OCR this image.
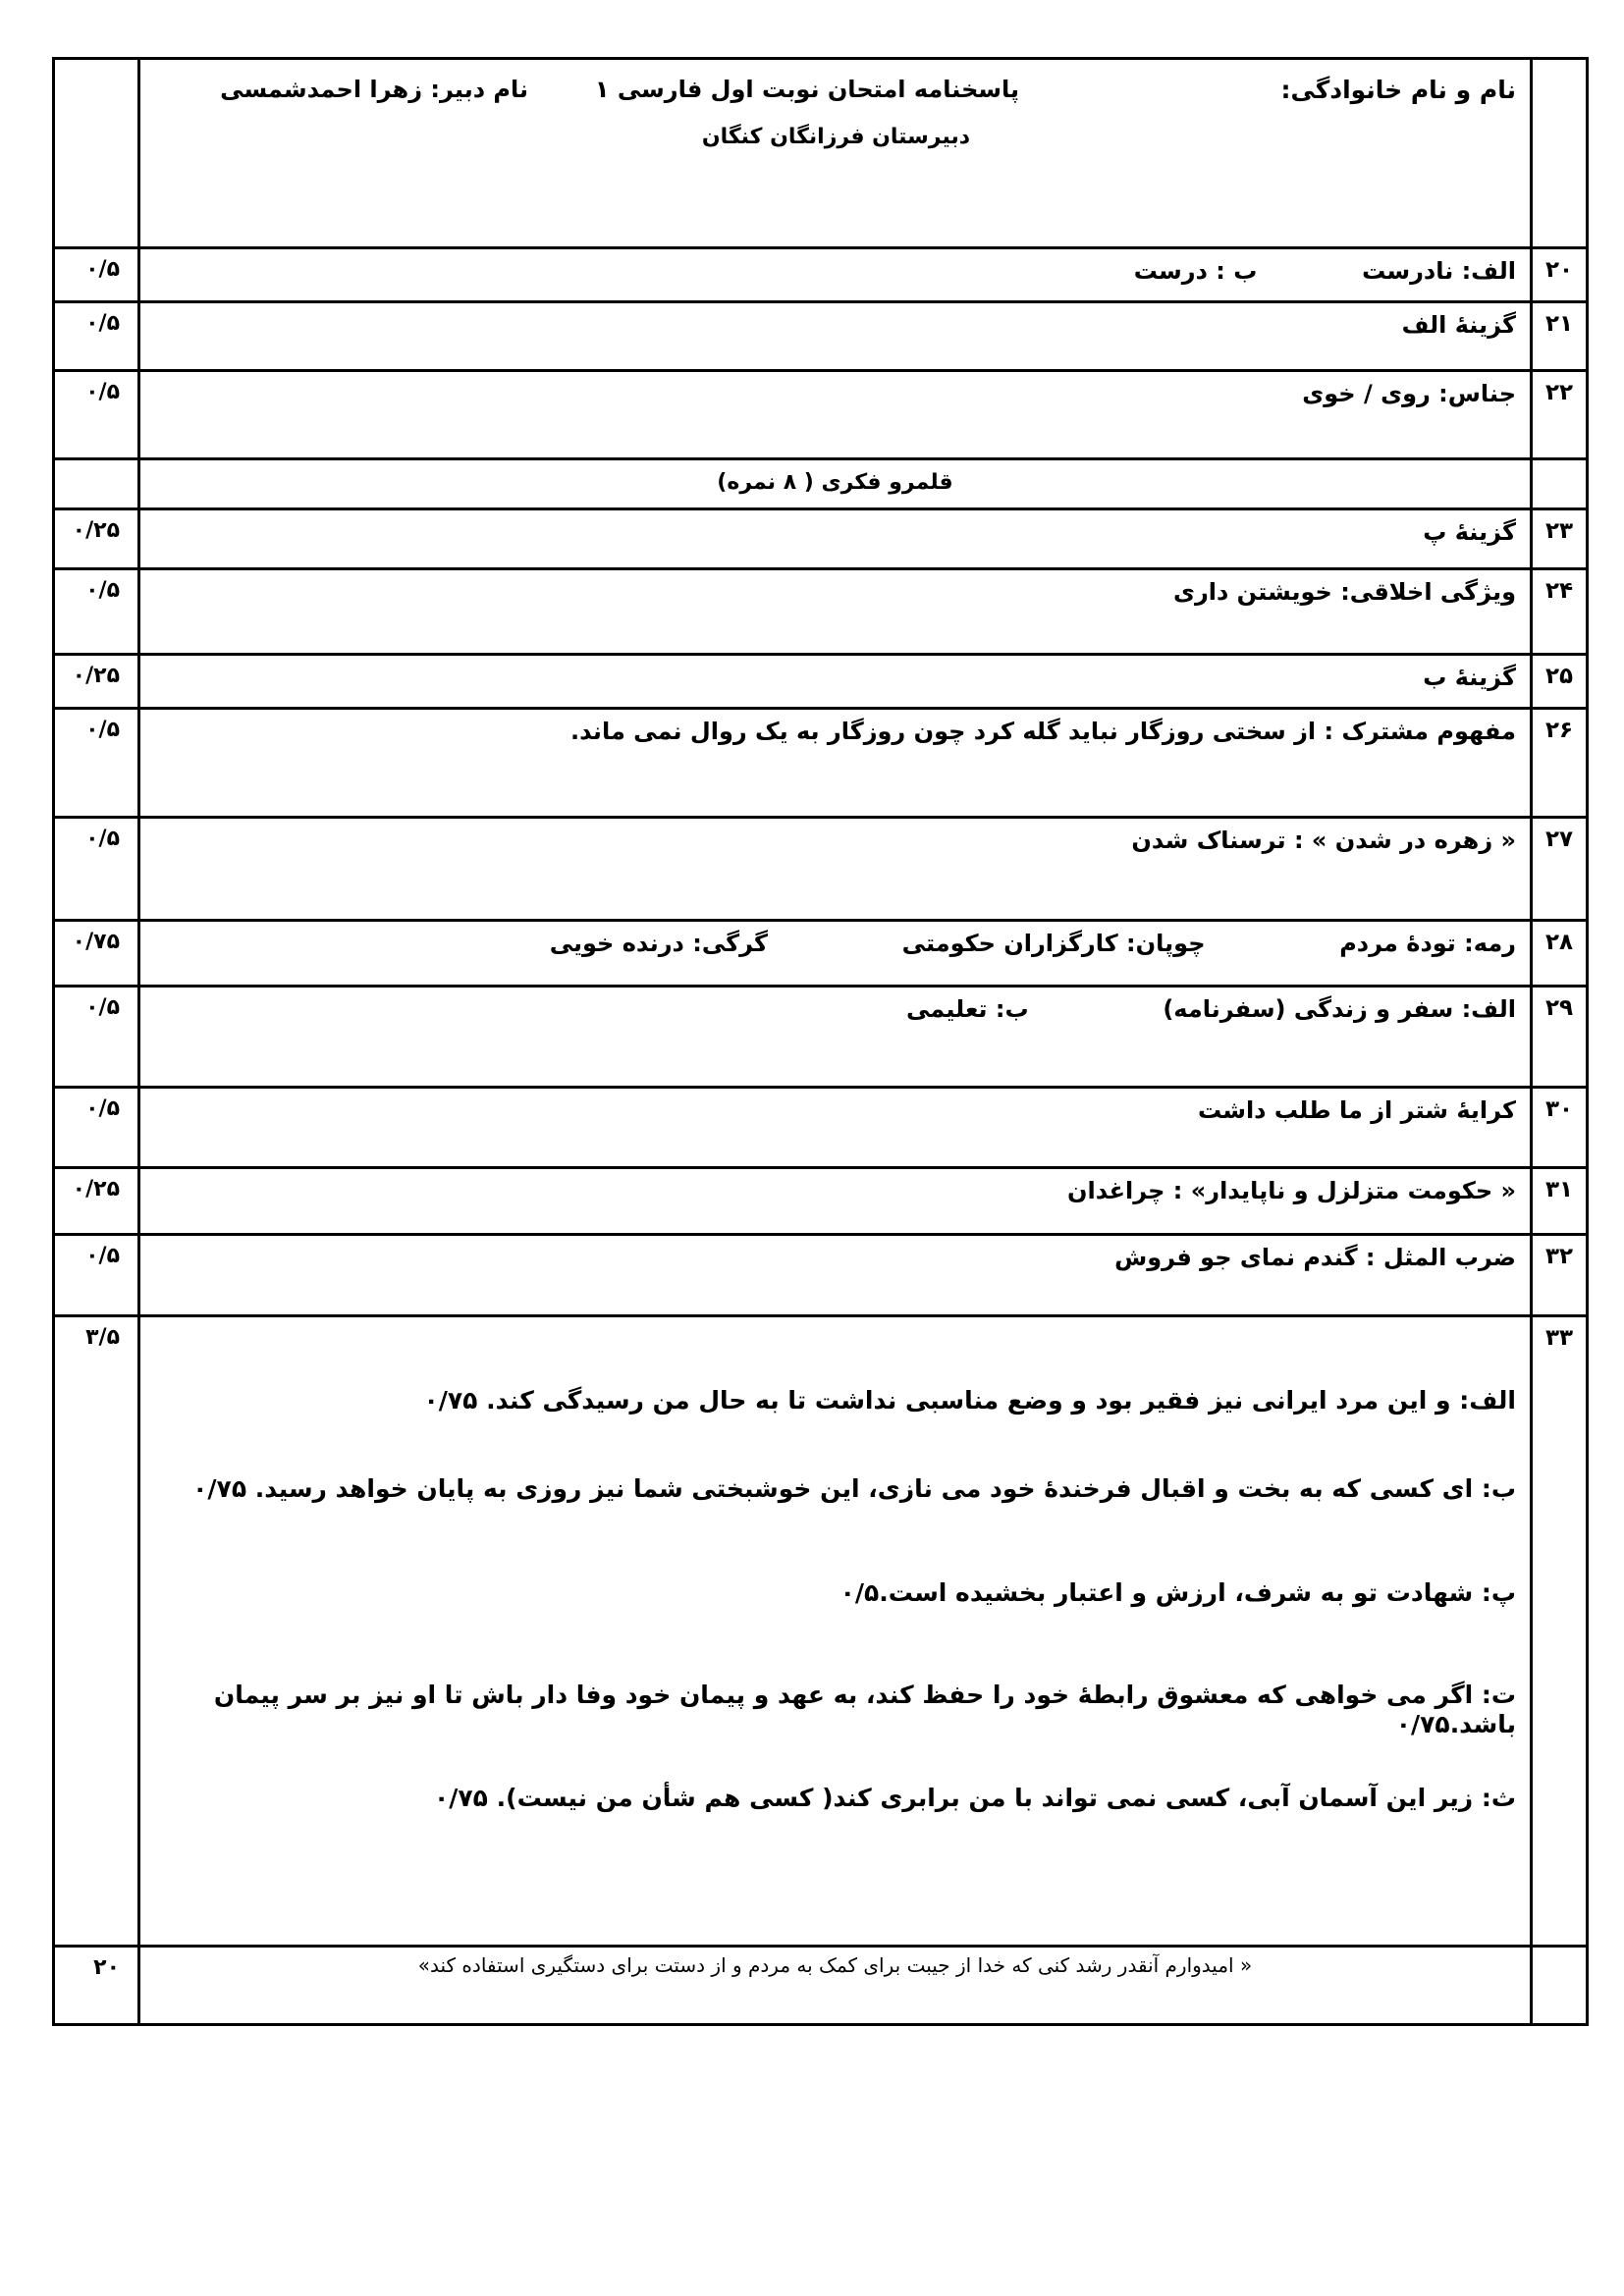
نام و نام خانوادگی:
پاسخنامه امتحان نوبت اول فارسی ۱
دبیرستان فرزانگان کنگان
نام دبیر: زهرا احمدشمسی
۲۰
الف: نادرست  ب : درست
۰/۵
۲۱
گزینهٔ الف
۰/۵
۲۲
جناس: روی / خوی
۰/۵
قلمرو فکری ( ۸ نمره)
۲۳
گزینهٔ پ
۰/۲۵
۲۴
ویژگی اخلاقی: خویشتن داری
۰/۵
۲۵
گزینهٔ ب
۰/۲۵
۲۶
مفهوم مشترک : از سختی روزگار نباید گله کرد چون روزگار به یک روال نمی ماند.
۰/۵
۲۷
« زهره در شدن » : ترسناک شدن
۰/۵
۲۸
رمه: تودهٔ مردم  چوپان: کارگزاران حکومتی  گرگی: درنده خویی
۰/۷۵
۲۹
الف: سفر و زندگی (سفرنامه)  ب: تعلیمی
۰/۵
۳۰
کرایهٔ شتر از ما طلب داشت
۰/۵
۳۱
« حکومت متزلزل و ناپایدار» : چراغدان
۰/۲۵
۳۲
ضرب المثل : گندم نمای جو فروش
۰/۵
۳۳

الف: و این مرد ایرانی نیز فقیر بود و وضع مناسبی نداشت تا به حال من رسیدگی کند. ۰/۷۵

ب: ای کسی که به بخت و اقبال فرخندهٔ خود می نازی، این خوشبختی شما نیز روزی به پایان خواهد رسید. ۰/۷۵

پ: شهادت تو به شرف، ارزش و اعتبار بخشیده است.۰/۵

ت: اگر می خواهی که معشوق رابطهٔ خود را حفظ کند، به عهد و پیمان خود وفا دار باش تا او نیز بر سر پیمان باشد.۰/۷۵

ث: زیر این آسمان آبی، کسی نمی تواند با من برابری کند( کسی هم شأن من نیست). ۰/۷۵

۳/۵
« امیدوارم آنقدر رشد کنی که خدا از جیبت برای کمک به مردم و از دستت برای دستگیری استفاده کند»
۲۰
